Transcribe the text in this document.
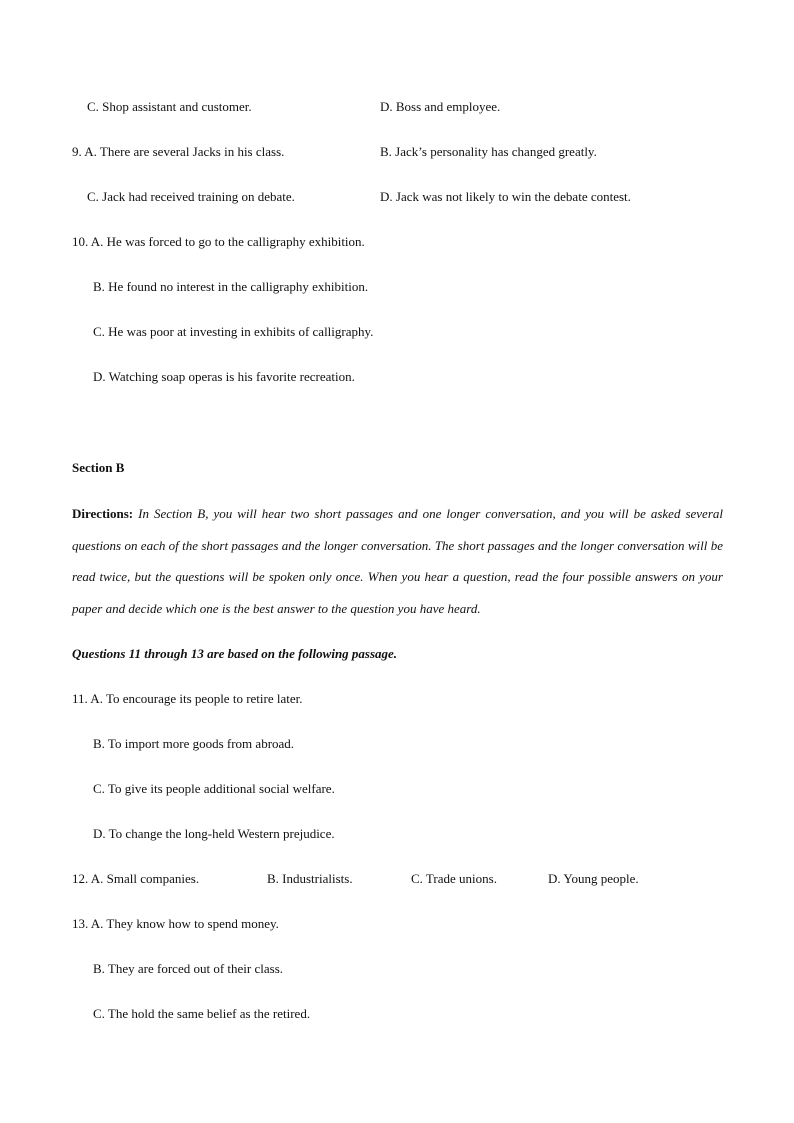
C. Shop assistant and customer.	D. Boss and employee.
9. A. There are several Jacks in his class.	B. Jack’s personality has changed greatly.
C. Jack had received training on debate.	D. Jack was not likely to win the debate contest.
10. A. He was forced to go to the calligraphy exhibition.
B. He found no interest in the calligraphy exhibition.
C. He was poor at investing in exhibits of calligraphy.
D. Watching soap operas is his favorite recreation.
Section B
Directions: In Section B, you will hear two short passages and one longer conversation, and you will be asked several questions on each of the short passages and the longer conversation. The short passages and the longer conversation will be read twice, but the questions will be spoken only once. When you hear a question, read the four possible answers on your paper and decide which one is the best answer to the question you have heard.
Questions 11 through 13 are based on the following passage.
11. A. To encourage its people to retire later.
B. To import more goods from abroad.
C. To give its people additional social welfare.
D. To change the long-held Western prejudice.
12. A. Small companies.	B. Industrialists.	C. Trade unions.	D. Young people.
13. A. They know how to spend money.
B. They are forced out of their class.
C. The hold the same belief as the retired.
